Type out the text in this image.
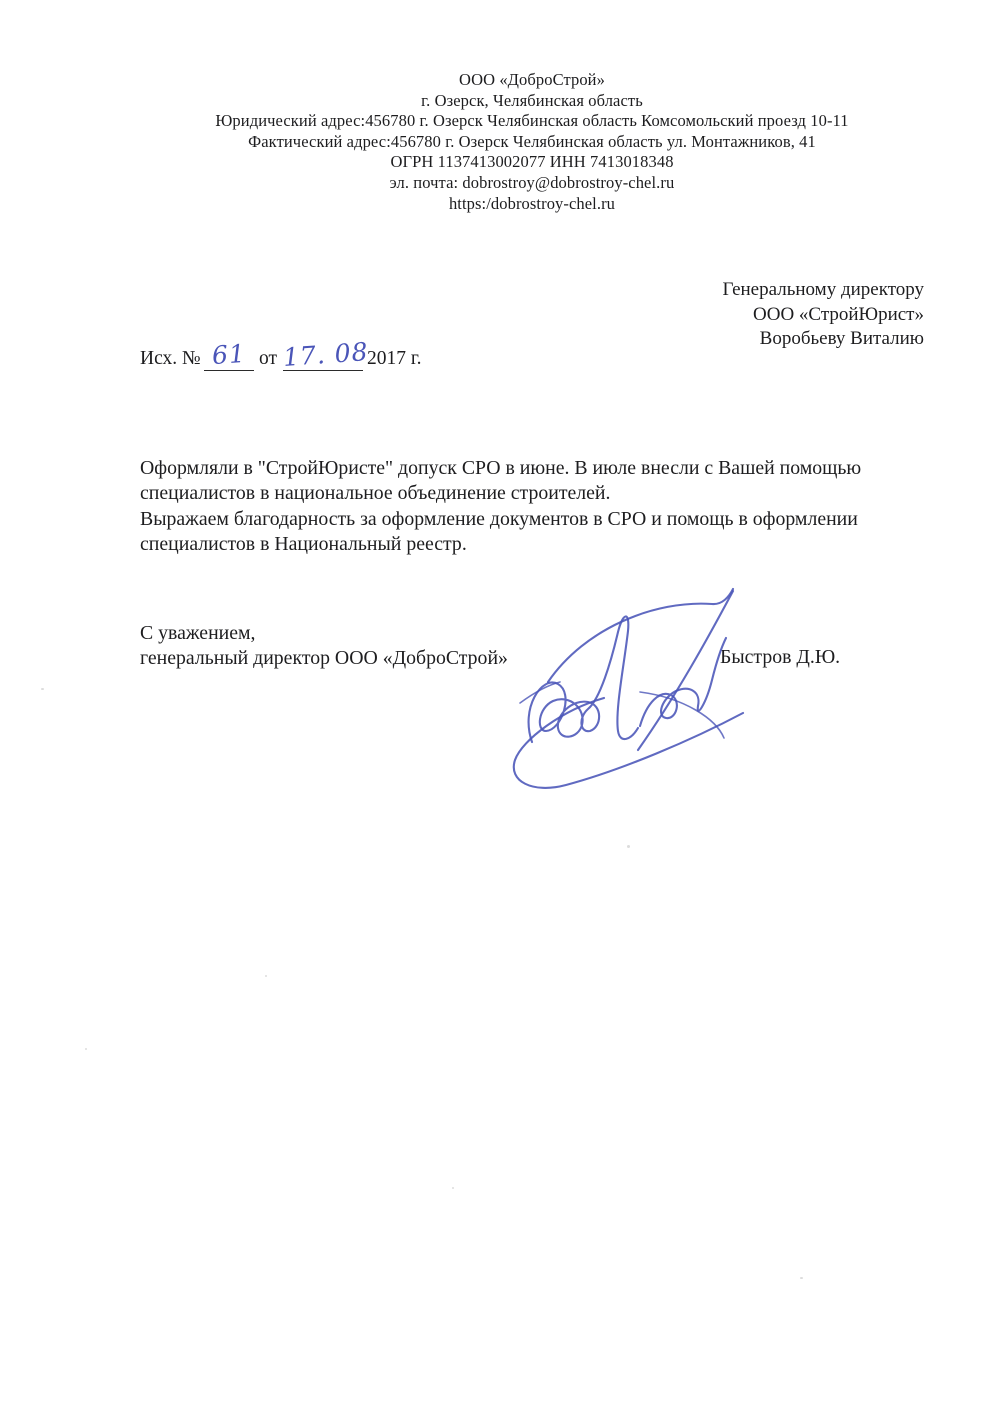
ООО «ДоброСтрой»
г. Озерск, Челябинская область
Юридический адрес:456780 г. Озерск Челябинская область Комсомольский проезд 10-11
Фактический адрес:456780 г. Озерск Челябинская область ул. Монтажников, 41
ОГРН 1137413002077 ИНН 7413018348
эл. почта: dobrostroy@dobrostroy-chel.ru
https:/dobrostroy-chel.ru
Генеральному директору
ООО «СтройЮрист»
Воробьеву Виталию
Исх. № 61 от 17. 08
2017 г.

Оформляли в "СтройЮристе" допуск СРО в июне. В июле внесли с Вашей помощью специалистов в национальное объединение строителей.

Выражаем благодарность за оформление документов в СРО и помощь в оформлении специалистов в Национальный реестр.

С уважением,
генеральный директор ООО «ДоброСтрой»	Быстров Д.Ю.
